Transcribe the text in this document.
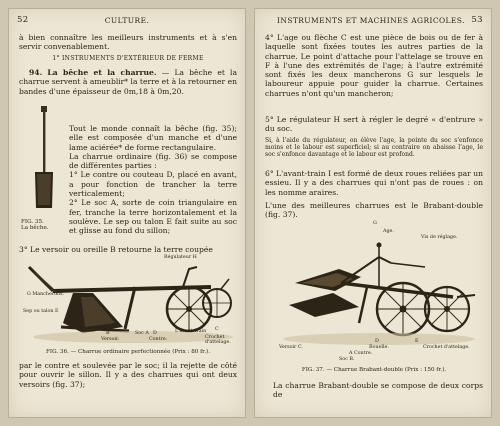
52	CULTURE.
à bien connaître les meilleurs instruments et à s'en servir convenablement.
1° INSTRUMENTS D'EXTÉRIEUR DE FERME
94. La bêche et la charrue. — La bêche et la charrue servent à ameublir* la terre et à la retourner en bandes d'une épaisseur de 0m,18 à 0m,20.
FIG. 35.
La bêche.
Tout le monde connaît la bêche (fig. 35); elle est composée d'un manche et d'une lame aciérée* de forme rectangulaire.
La charrue ordinaire (fig. 36) se compose de différentes parties :
1° Le contre ou couteau D, placé en avant, a pour fonction de trancher la terre verticalement;
2° Le soc A, sorte de coin triangulaire en fer, tranche la terre horizontalement et la soulève. Le sep ou talon E fait suite au soc et glisse au fond du sillon;
3° Le versoir ou oreille B retourne la terre coupée
Régulateur H
G Mancherons.
Sep ou talon E
B
Versoir.
Soc A D
Contre.
L'avant-train C
Crochet d'attelage.
FIG. 36. — Charrue ordinaire perfectionnée (Prix : 80 fr.).
par le contre et soulevée par le soc; il la rejette de côté pour ouvrir le sillon. Il y a des charrues qui ont deux versoirs (fig. 37);
INSTRUMENTS ET MACHINES AGRICOLES. 53
4° L'age ou flèche C est une pièce de bois ou de fer à laquelle sont fixées toutes les autres parties de la charrue. Le point d'attache pour l'attelage se trouve en F à l'une des extrémités de l'age; à l'autre extrémité sont fixés les deux mancherons G sur lesquels le laboureur appuie pour guider la charrue. Certaines charrues n'ont qu'un mancheron;
5° Le régulateur H sert à régler le degré « d'entrure » du soc.
Si, à l'aide du régulateur, on élève l'age, la pointe du soc s'enfonce moins et le labour est superficiel; si au contraire on abaisse l'age, le soc s'enfonce davantage et le labour est profond.
6° L'avant-train I est formé de deux roues reliées par un essieu. Il y a des charrues qui n'ont pas de roues : on les nomme araires.
L'une des meilleures charrues est le Brabant-double (fig. 37).
G
Age.
Vis de réglage.
Versoir C.
D
Rouelle.
E
Crochet d'attelage.
A Contre.
Soc B.
FIG. 37. — Charrue Brabant-double (Prix : 150 fr.).
La charrue Brabant-double se compose de deux corps de
